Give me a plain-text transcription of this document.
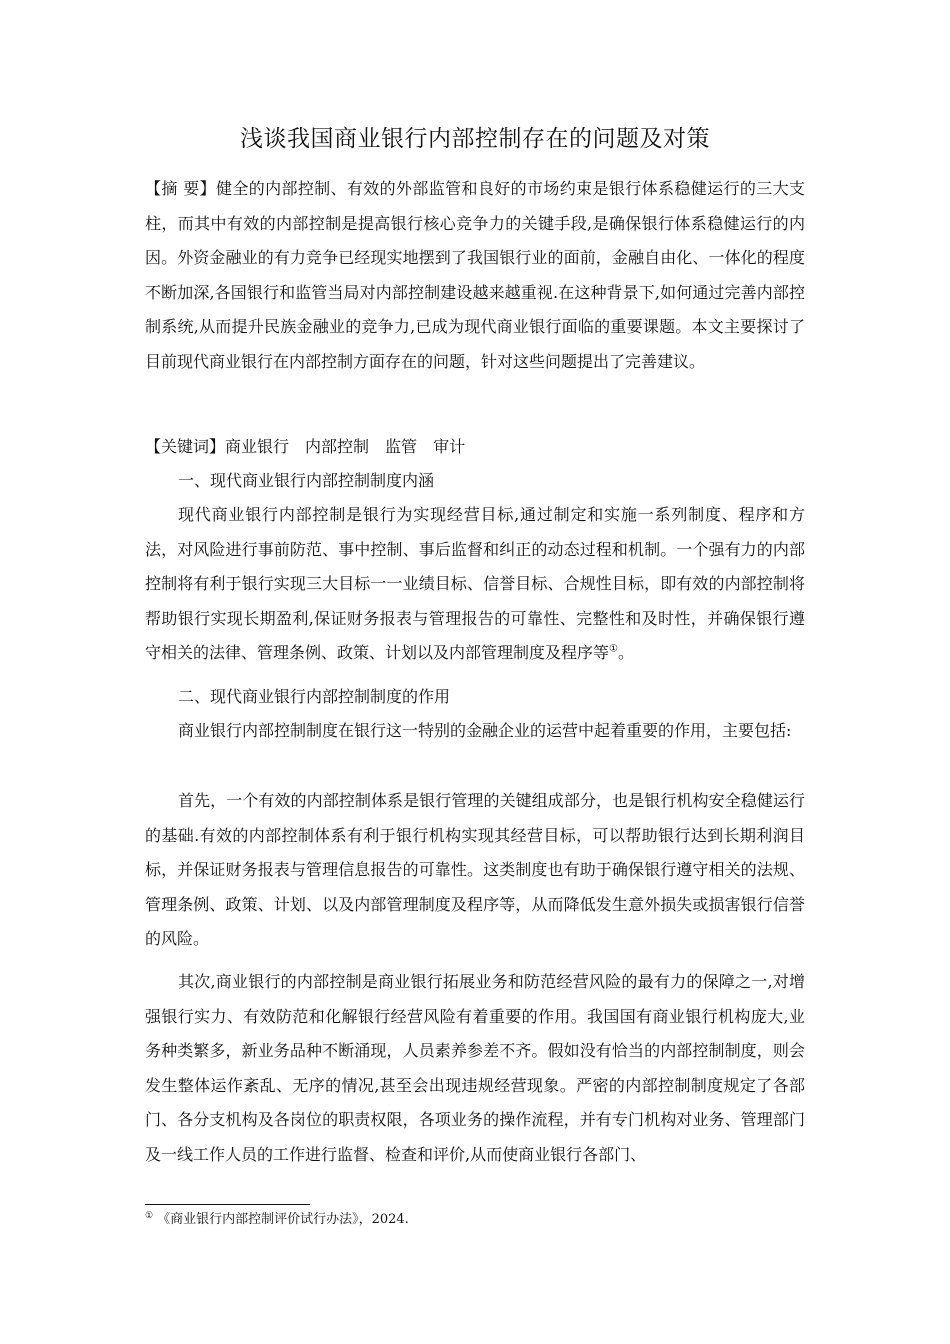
浅谈我国商业银行内部控制存在的问题及对策

【摘 要】健全的内部控制、有效的外部监管和良好的市场约束是银行体系稳健运行的三大支柱，而其中有效的内部控制是提高银行核心竞争力的关键手段,是确保银行体系稳健运行的内因。外资金融业的有力竞争已经现实地摆到了我国银行业的面前，金融自由化、一体化的程度不断加深,各国银行和监管当局对内部控制建设越来越重视.在这种背景下,如何通过完善内部控制系统,从而提升民族金融业的竞争力,已成为现代商业银行面临的重要课题。本文主要探讨了目前现代商业银行在内部控制方面存在的问题，针对这些问题提出了完善建议。

【关键词】商业银行 内部控制 监管 审计

一、现代商业银行内部控制制度内涵

现代商业银行内部控制是银行为实现经营目标,通过制定和实施一系列制度、程序和方法，对风险进行事前防范、事中控制、事后监督和纠正的动态过程和机制。一个强有力的内部控制将有利于银行实现三大目标一一业绩目标、信誉目标、合规性目标，即有效的内部控制将帮助银行实现长期盈利,保证财务报表与管理报告的可靠性、完整性和及时性，并确保银行遵守相关的法律、管理条例、政策、计划以及内部管理制度及程序等①。

二、现代商业银行内部控制制度的作用

商业银行内部控制制度在银行这一特别的金融企业的运营中起着重要的作用，主要包括:

首先，一个有效的内部控制体系是银行管理的关键组成部分，也是银行机构安全稳健运行的基础.有效的内部控制体系有利于银行机构实现其经营目标，可以帮助银行达到长期利润目标，并保证财务报表与管理信息报告的可靠性。这类制度也有助于确保银行遵守相关的法规、管理条例、政策、计划、以及内部管理制度及程序等，从而降低发生意外损失或损害银行信誉的风险。

其次,商业银行的内部控制是商业银行拓展业务和防范经营风险的最有力的保障之一,对增强银行实力、有效防范和化解银行经营风险有着重要的作用。我国国有商业银行机构庞大,业务种类繁多，新业务品种不断涌现，人员素养参差不齐。假如没有恰当的内部控制制度，则会发生整体运作紊乱、无序的情况,甚至会出现违规经营现象。严密的内部控制制度规定了各部门、各分支机构及各岗位的职责权限，各项业务的操作流程，并有专门机构对业务、管理部门及一线工作人员的工作进行监督、检查和评价,从而使商业银行各部门、

① 《商业银行内部控制评价试行办法》，2024.
